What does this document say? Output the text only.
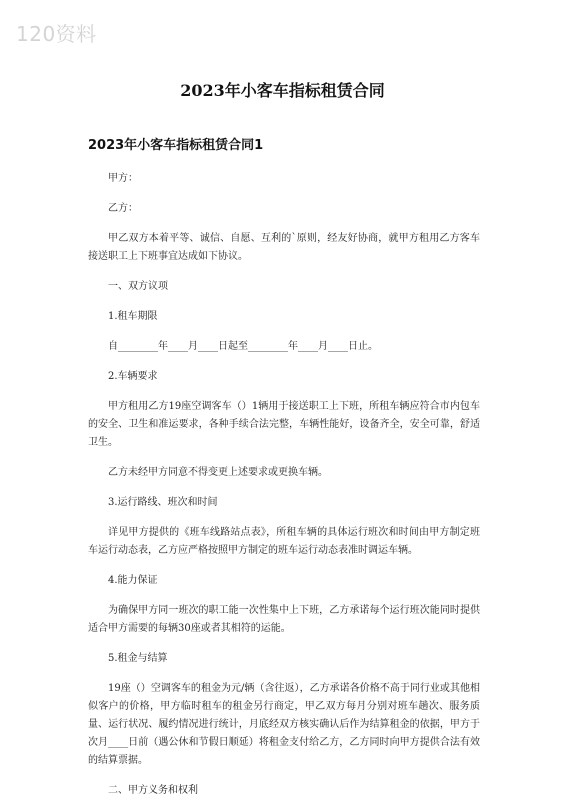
120资料
2023年小客车指标租赁合同
2023年小客车指标租赁合同1

甲方：

乙方：

甲乙双方本着平等、诚信、自愿、互利的`原则，经友好协商，就甲方租用乙方客车接送职工上下班事宜达成如下协议。

一、双方议项

1.租车期限

自________年____月____日起至________年____月____日止。

2.车辆要求

甲方租用乙方19座空调客车（）1辆用于接送职工上下班，所租车辆应符合市内包车的安全、卫生和准运要求，各种手续合法完整，车辆性能好，设备齐全，安全可靠，舒适卫生。

乙方未经甲方同意不得变更上述要求或更换车辆。

3.运行路线、班次和时间

详见甲方提供的《班车线路站点表》，所租车辆的具体运行班次和时间由甲方制定班车运行动态表，乙方应严格按照甲方制定的班车运行动态表准时调运车辆。

4.能力保证

为确保甲方同一班次的职工能一次性集中上下班，乙方承诺每个运行班次能同时提供适合甲方需要的每辆30座或者其相符的运能。

5.租金与结算

19座（）空调客车的租金为元/辆（含往返），乙方承诺各价格不高于同行业或其他相似客户的价格，甲方临时租车的租金另行商定，甲乙双方每月分别对班车趟次、服务质量、运行状况、履约情况进行统计，月底经双方核实确认后作为结算租金的依据，甲方于次月____日前（遇公休和节假日顺延）将租金支付给乙方，乙方同时向甲方提供合法有效的结算票据。

二、甲方义务和权利
